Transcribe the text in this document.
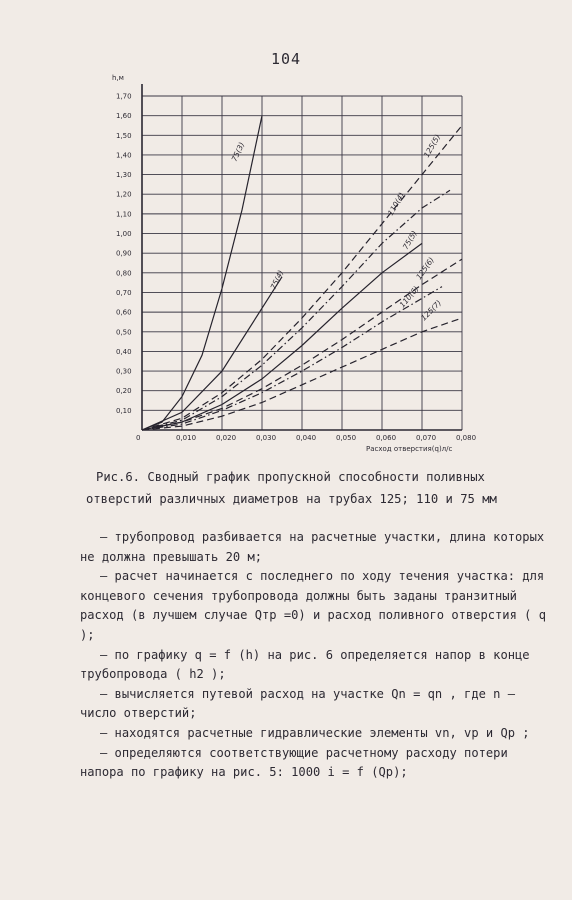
104
0	0,010	0,020	0,030	0,040	0,050	0,060	0,070	0,080
0,10
0,20
0,30
0,40
0,50
0,60
0,70
0,80
0,90
1,00
1,10
1,20
1,30
1,40
1,50
1,60
1,70
75(3)
75(4)
75(5)
110(4)
125(5)
125(6)
110(6)
125(7)
h,м
Расход отверстия(q)л/с
Рис.6. Сводный график пропускной способности поливных отверстий различных диаметров на трубах 125; 110 и 75 мм

– трубопровод разбивается на расчетные участки, длина которых не должна превышать 20 м;

– расчет начинается с последнего по ходу течения участка: для концевого сечения трубопровода должны быть заданы транзитный расход (в лучшем случае Qтр =0) и расход поливного отверстия ( q );

– по графику q = f (h) на рис. 6 определяется напор в конце трубопровода ( h2 );

– вычисляется путевой расход на участке Qn = qn , где n – число отверстий;

– находятся расчетные гидравлические элементы vn, vp и Qp ;

– определяются соответствующие расчетному расходу потери напора по графику на рис. 5: 1000 i = f (Qp);
